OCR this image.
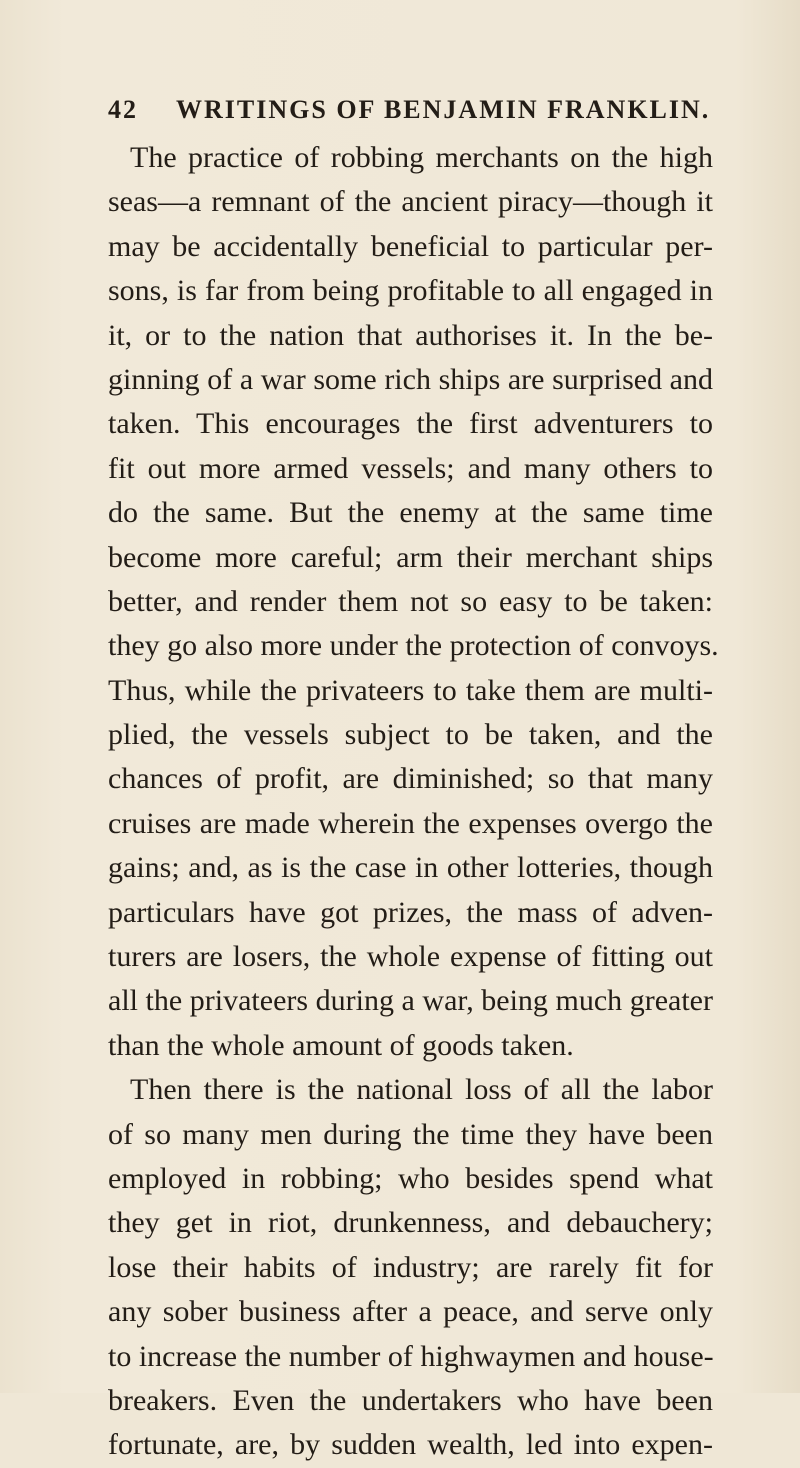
42 WRITINGS OF BENJAMIN FRANKLIN.
The practice of robbing merchants on the high
seas—a remnant of the ancient piracy—though it
may be accidentally beneficial to particular per-
sons, is far from being profitable to all engaged in
it, or to the nation that authorises it. In the be-
ginning of a war some rich ships are surprised and
taken. This encourages the first adventurers to
fit out more armed vessels; and many others to
do the same. But the enemy at the same time
become more careful; arm their merchant ships
better, and render them not so easy to be taken:
they go also more under the protection of convoys.
Thus, while the privateers to take them are multi-
plied, the vessels subject to be taken, and the
chances of profit, are diminished; so that many
cruises are made wherein the expenses overgo the
gains; and, as is the case in other lotteries, though
particulars have got prizes, the mass of adven-
turers are losers, the whole expense of fitting out
all the privateers during a war, being much greater
than the whole amount of goods taken.
Then there is the national loss of all the labor
of so many men during the time they have been
employed in robbing; who besides spend what
they get in riot, drunkenness, and debauchery;
lose their habits of industry; are rarely fit for
any sober business after a peace, and serve only
to increase the number of highwaymen and house-
breakers. Even the undertakers who have been
fortunate, are, by sudden wealth, led into expen-
